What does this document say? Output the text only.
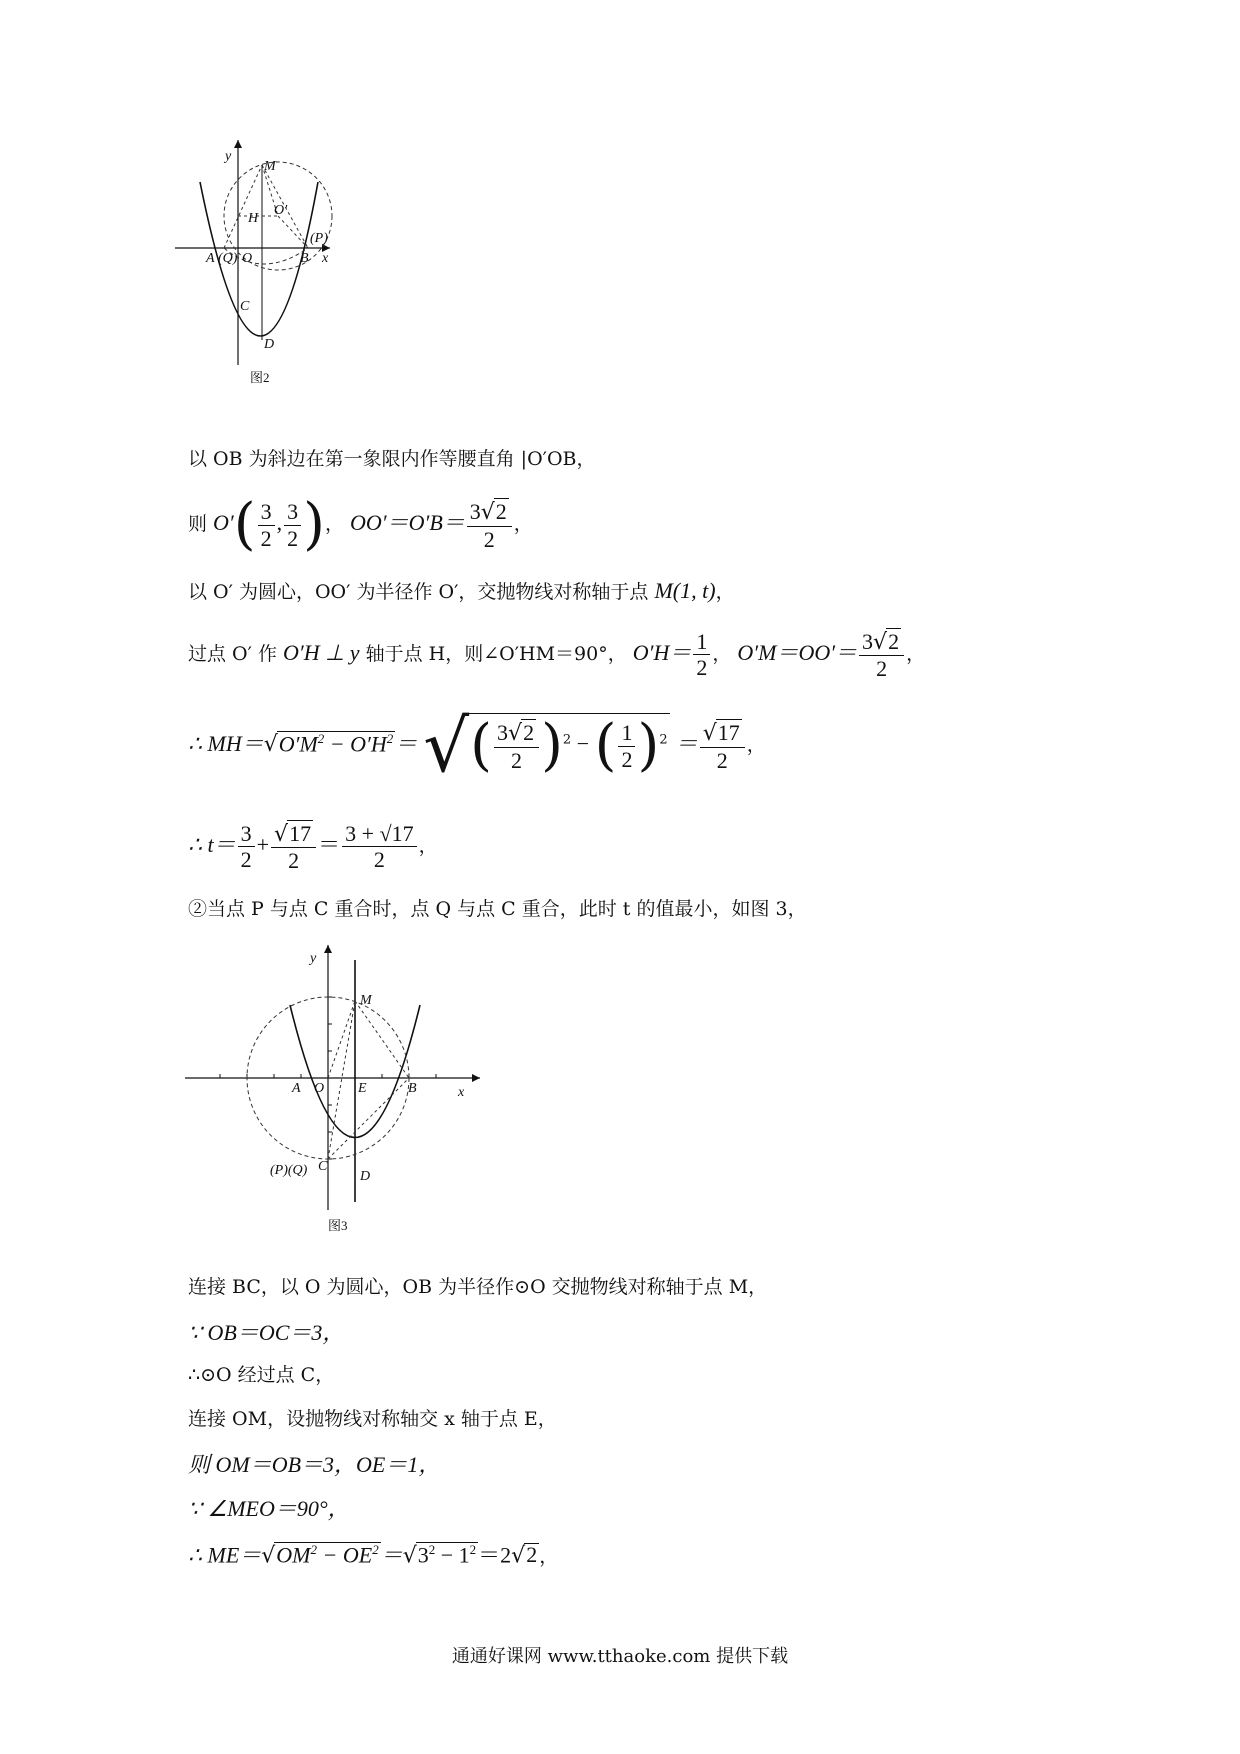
y
x
M
O′
H
(P)
A (Q) O	B
C
D
图2
以 OB 为斜边在第一象限内作等腰直角 |O′OB，
则 $O'( \frac{3}{2}$ , $\frac{3}{2}$ )， $OO'=O'B= \frac{3√2}{2}$ ，
以 O′ 为圆心，OO′ 为半径作 O′，交抛物线对称轴于点 M(1, t)，
过点 O′ 作 O′H ⊥ y 轴于点 H，则∠O′HM＝90°， $O'H= \frac{1}{2}$ ， $O'M=OO'= \frac{3√2}{2}$ ，
∴ $MH=√O'M^2 - O'H^2=$ √( $\frac{3√2}{2} )^2$ − ( $\frac{1}{2} )^2 = \frac{√17}{2}$ ，
∴ $t= \frac{3}{2} + \frac{√17}{2} = \frac{3 + √17}{2}$ ，
②当点 P 与点 C 重合时，点 Q 与点 C 重合，此时 t 的值最小，如图 3，
y
x
M
A O E	B
(P)(Q) C
D
图3
连接 BC，以 O 为圆心，OB 为半径作⊙O 交抛物线对称轴于点 M，
∵ OB＝OC＝3，
∴⊙O 经过点 C，
连接 OM，设抛物线对称轴交 x 轴于点 E，
则 OM＝OB＝3，OE＝1，
∵ ∠MEO＝90°，
∴ $ME=√OM^2 - OE^2=√3^2 - 1^2=2√2$ ，
通通好课网 www.tthaoke.com 提供下载
